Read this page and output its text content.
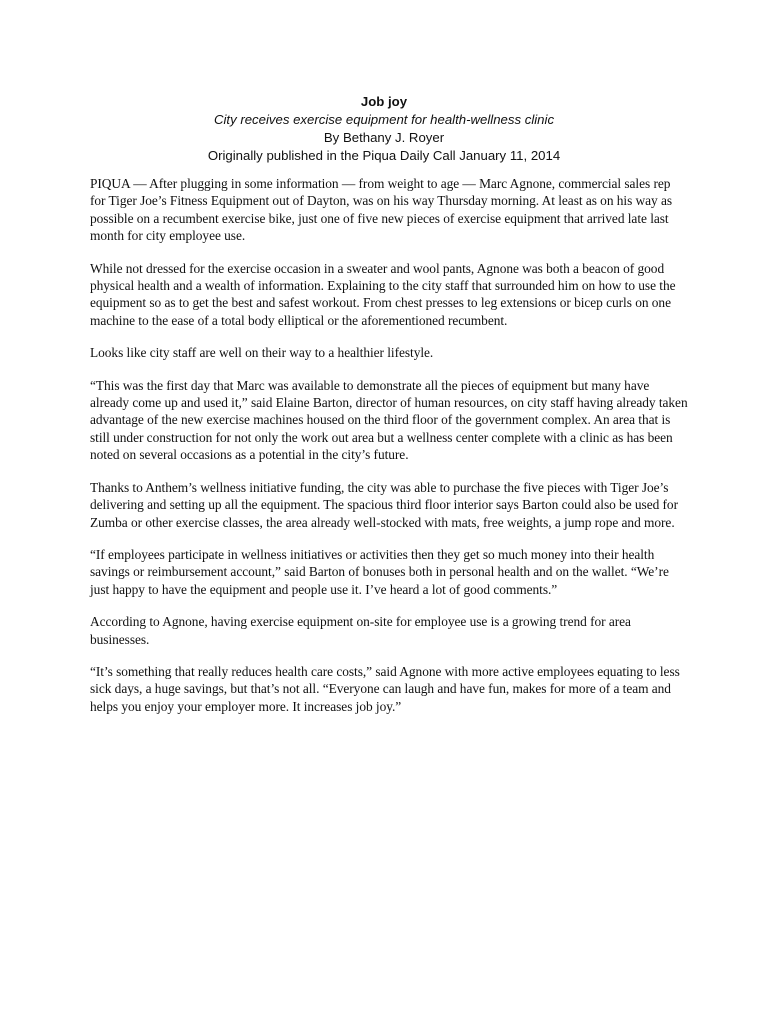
Job joy
City receives exercise equipment for health-wellness clinic
By Bethany J. Royer
Originally published in the Piqua Daily Call January 11, 2014

PIQUA — After plugging in some information — from weight to age — Marc Agnone, commercial sales rep for Tiger Joe’s Fitness Equipment out of Dayton, was on his way Thursday morning. At least as on his way as possible on a recumbent exercise bike, just one of five new pieces of exercise equipment that arrived late last month for city employee use.

While not dressed for the exercise occasion in a sweater and wool pants, Agnone was both a beacon of good physical health and a wealth of information. Explaining to the city staff that surrounded him on how to use the equipment so as to get the best and safest workout. From chest presses to leg extensions or bicep curls on one machine to the ease of a total body elliptical or the aforementioned recumbent.

Looks like city staff are well on their way to a healthier lifestyle.

“This was the first day that Marc was available to demonstrate all the pieces of equipment but many have already come up and used it,” said Elaine Barton, director of human resources, on city staff having already taken advantage of the new exercise machines housed on the third floor of the government complex. An area that is still under construction for not only the work out area but a wellness center complete with a clinic as has been noted on several occasions as a potential in the city’s future.

Thanks to Anthem’s wellness initiative funding, the city was able to purchase the five pieces with Tiger Joe’s delivering and setting up all the equipment. The spacious third floor interior says Barton could also be used for Zumba or other exercise classes, the area already well-stocked with mats, free weights, a jump rope and more.

“If employees participate in wellness initiatives or activities then they get so much money into their health savings or reimbursement account,” said Barton of bonuses both in personal health and on the wallet. “We’re just happy to have the equipment and people use it. I’ve heard a lot of good comments.”

According to Agnone, having exercise equipment on-site for employee use is a growing trend for area businesses.

“It’s something that really reduces health care costs,” said Agnone with more active employees equating to less sick days, a huge savings, but that’s not all. “Everyone can laugh and have fun, makes for more of a team and helps you enjoy your employer more. It increases job joy.”
